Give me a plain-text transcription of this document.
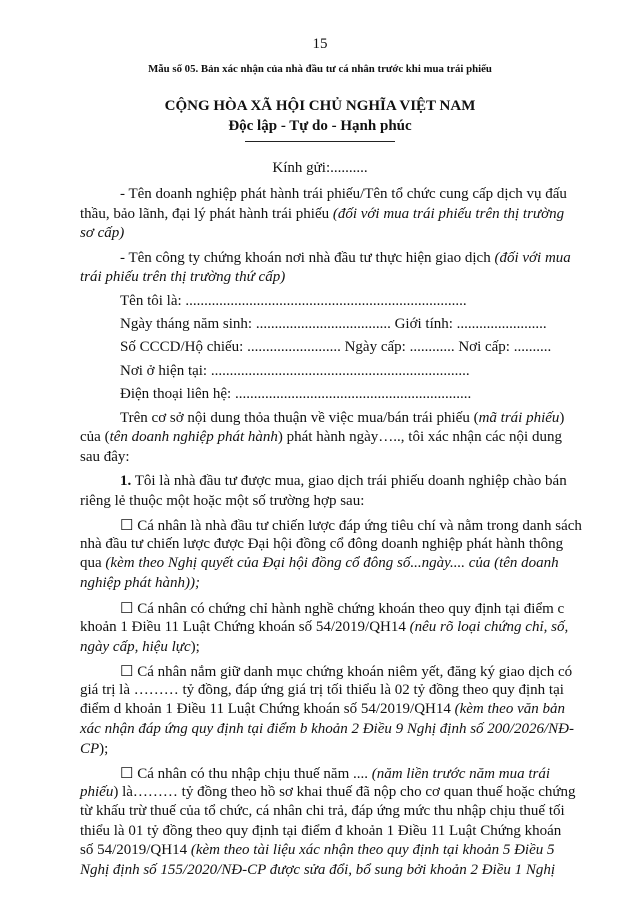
15
Mẫu số 05. Bản xác nhận của nhà đầu tư cá nhân trước khi mua trái phiếu
CỘNG HÒA XÃ HỘI CHỦ NGHĨA VIỆT NAM
Độc lập - Tự do - Hạnh phúc
Kính gửi:..........
- Tên doanh nghiệp phát hành trái phiếu/Tên tổ chức cung cấp dịch vụ đấu
thầu, bảo lãnh, đại lý phát hành trái phiếu (đối với mua trái phiếu trên thị trường
sơ cấp)
- Tên công ty chứng khoán nơi nhà đầu tư thực hiện giao dịch (đối với mua
trái phiếu trên thị trường thứ cấp)
Tên tôi là: ...........................................................................
Ngày tháng năm sinh: .................................... Giới tính: ........................
Số CCCD/Hộ chiếu: ......................... Ngày cấp: ............ Nơi cấp: ..........
Nơi ở hiện tại: .....................................................................
Điện thoại liên hệ: ...............................................................
Trên cơ sở nội dung thỏa thuận về việc mua/bán trái phiếu (mã trái phiếu)
của (tên doanh nghiệp phát hành) phát hành ngày….., tôi xác nhận các nội dung
sau đây:
1. Tôi là nhà đầu tư được mua, giao dịch trái phiếu doanh nghiệp chào bán
riêng lẻ thuộc một hoặc một số trường hợp sau:
☐ Cá nhân là nhà đầu tư chiến lược đáp ứng tiêu chí và nằm trong danh sách
nhà đầu tư chiến lược được Đại hội đồng cổ đông doanh nghiệp phát hành thông
qua (kèm theo Nghị quyết của Đại hội đồng cổ đông số...ngày.... của (tên doanh
nghiệp phát hành));
☐ Cá nhân có chứng chỉ hành nghề chứng khoán theo quy định tại điểm c
khoản 1 Điều 11 Luật Chứng khoán số 54/2019/QH14 (nêu rõ loại chứng chỉ, số,
ngày cấp, hiệu lực);
☐ Cá nhân nắm giữ danh mục chứng khoán niêm yết, đăng ký giao dịch có
giá trị là ……… tỷ đồng, đáp ứng giá trị tối thiểu là 02 tỷ đồng theo quy định tại
điểm d khoản 1 Điều 11 Luật Chứng khoán số 54/2019/QH14 (kèm theo văn bản
xác nhận đáp ứng quy định tại điểm b khoản 2 Điều 9 Nghị định số 200/2026/NĐ-
CP);
☐ Cá nhân có thu nhập chịu thuế năm .... (năm liền trước năm mua trái
phiếu) là……… tỷ đồng theo hồ sơ khai thuế đã nộp cho cơ quan thuế hoặc chứng
từ khấu trừ thuế của tổ chức, cá nhân chi trả, đáp ứng mức thu nhập chịu thuế tối
thiểu là 01 tỷ đồng theo quy định tại điểm đ khoản 1 Điều 11 Luật Chứng khoán
số 54/2019/QH14 (kèm theo tài liệu xác nhận theo quy định tại khoản 5 Điều 5
Nghị định số 155/2020/NĐ-CP được sửa đổi, bổ sung bởi khoản 2 Điều 1 Nghị
